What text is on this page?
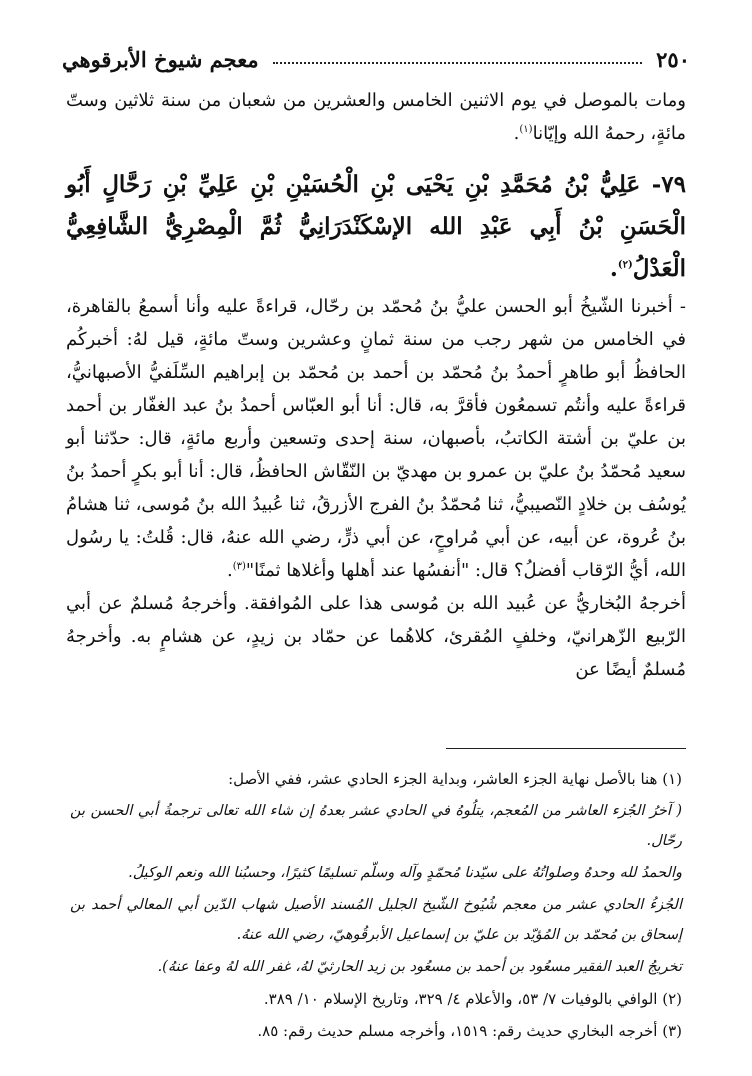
٢٥٠
معجم شيوخ الأبرقوهي

ومات بالموصل في يوم الاثنين الخامس والعشرين من شعبان من سنة ثلاثين وستّ مائةٍ، رحمهُ الله وإيّانا$^{(١)}$.

٧٩- عَلِيُّ بْنُ مُحَمَّدِ بْنِ يَحْيَى بْنِ الْحُسَيْنِ بْنِ عَلِيِّ بْنِ رَحَّالٍ أَبُو الْحَسَنِ بْنُ أَبِي عَبْدِ الله الإسْكَنْدَرَانِيُّ ثُمَّ الْمِصْرِيُّ الشَّافِعِيُّ الْعَدْلُ$^{(٢)}$.

- أخبرنا الشّيخُ أبو الحسن عليُّ بنُ مُحمّد بن رحّال، قراءةً عليه وأنا أسمعُ بالقاهرة، في الخامس من شهر رجب من سنة ثمانٍ وعشرين وستّ مائةٍ، قيل لهُ: أخبركُم الحافظُ أبو طاهرٍ أحمدُ بنُ مُحمّد بن أحمد بن مُحمّد بن إبراهيم السِّلَفيُّ الأصبهانيُّ، قراءةً عليه وأنتُم تسمعُون فأقرَّ به، قال: أنا أبو العبّاس أحمدُ بنُ عبد الغفّار بن أحمد بن عليّ بن أشتة الكاتبُ، بأصبهان، سنة إحدى وتسعين وأربع مائةٍ، قال: حدّثنا أبو سعيد مُحمّدُ بنُ عليّ بن عمرو بن مهديّ بن النّقّاش الحافظُ، قال: أنا أبو بكرٍ أحمدُ بنُ يُوسُف بن خلادٍ النّصيبيُّ، ثنا مُحمّدُ بنُ الفرج الأزرقُ، ثنا عُبيدُ الله بنُ مُوسى، ثنا هشامُ بنُ عُروة، عن أبيه، عن أبي مُراوحٍ، عن أبي ذرٍّ، رضي الله عنهُ، قال: قُلتُ: يا رسُول الله، أيُّ الرّقاب أفضلُ؟ قال: "أنفسُها عند أهلها وأغلاها ثمنًا"$^{(٣)}$.

أخرجهُ البُخاريُّ عن عُبيد الله بن مُوسى هذا على المُوافقة. وأخرجهُ مُسلمٌ عن أبي الرّبيع الزّهرانيّ، وخلفٍ المُقرئ، كلاهُما عن حمّاد بن زيدٍ، عن هشامٍ به. وأخرجهُ مُسلمٌ أيضًا عن

(١) هنا بالأصل نهاية الجزء العاشر، وبداية الجزء الحادي عشر، ففي الأصل:

( آخرُ الجُزء العاشر من المُعجم، يتلُوهُ في الحادي عشر بعدهُ إن شاء الله تعالى ترجمةُ أبي الحسن بن رحّال.

والحمدُ لله وحدهُ وصلواتُهُ على سيّدنا مُحمّدٍ وآله وسلّم تسليمًا كثيرًا، وحسبُنا الله ونعم الوكيلُ.

الجُزءُ الحادي عشر من معجم شُيُوخ الشّيخ الجليل المُسند الأصيل شهاب الدّين أبي المعالي أحمد بن إسحاق بن مُحمّد بن المُؤيّد بن عليّ بن إسماعيل الأبرقُوهيّ، رضي الله عنهُ.

تخريجُ العبد الفقير مسعُود بن أحمد بن مسعُود بن زيد الحارثيّ لهُ، غفر الله لهُ وعفا عنهُ).

(٢) الوافي بالوفيات ٧/ ٥٣، والأعلام ٤/ ٣٢٩، وتاريخ الإسلام ١٠/ ٣٨٩.

(٣) أخرجه البخاري حديث رقم: ١٥١٩، وأخرجه مسلم حديث رقم: ٨٥.
